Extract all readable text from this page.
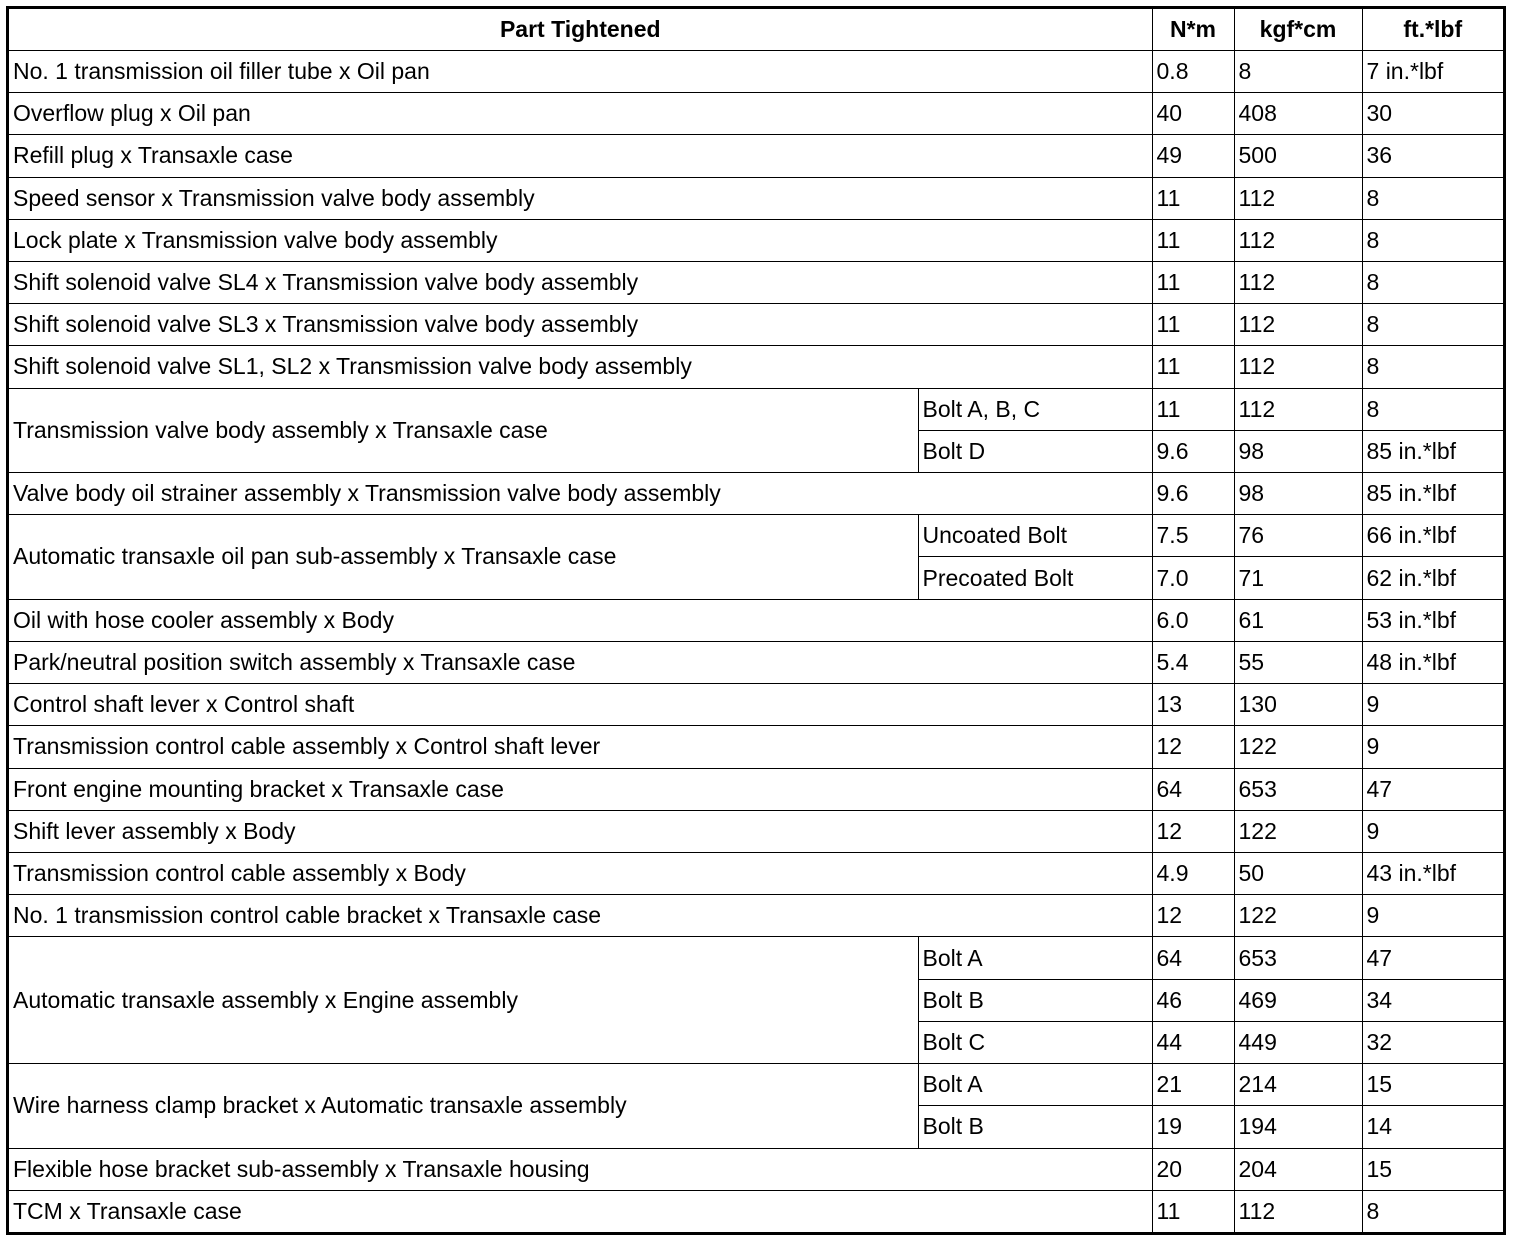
Part Tightened		N*m	kgf*cm	ft.*lbf
No. 1 transmission oil filler tube x Oil pan		0.8	8	7 in.*lbf
Overflow plug x Oil pan		40	408	30
Refill plug x Transaxle case		49	500	36
Speed sensor x Transmission valve body assembly		11	112	8
Lock plate x Transmission valve body assembly		11	112	8
Shift solenoid valve SL4 x Transmission valve body assembly		11	112	8
Shift solenoid valve SL3 x Transmission valve body assembly		11	112	8
Shift solenoid valve SL1, SL2 x Transmission valve body assembly		11	112	8
Transmission valve body assembly x Transaxle case	Bolt A, B, C	11	112	8
	Bolt D	9.6	98	85 in.*lbf
Valve body oil strainer assembly x Transmission valve body assembly		9.6	98	85 in.*lbf
Automatic transaxle oil pan sub-assembly x Transaxle case	Uncoated Bolt	7.5	76	66 in.*lbf
	Precoated Bolt	7.0	71	62 in.*lbf
Oil with hose cooler assembly x Body		6.0	61	53 in.*lbf
Park/neutral position switch assembly x Transaxle case		5.4	55	48 in.*lbf
Control shaft lever x Control shaft		13	130	9
Transmission control cable assembly x Control shaft lever		12	122	9
Front engine mounting bracket x Transaxle case		64	653	47
Shift lever assembly x Body		12	122	9
Transmission control cable assembly x Body		4.9	50	43 in.*lbf
No. 1 transmission control cable bracket x Transaxle case		12	122	9
Automatic transaxle assembly x Engine assembly	Bolt A	64	653	47
	Bolt B	46	469	34
	Bolt C	44	449	32
Wire harness clamp bracket x Automatic transaxle assembly	Bolt A	21	214	15
	Bolt B	19	194	14
Flexible hose bracket sub-assembly x Transaxle housing		20	204	15
TCM x Transaxle case		11	112	8
